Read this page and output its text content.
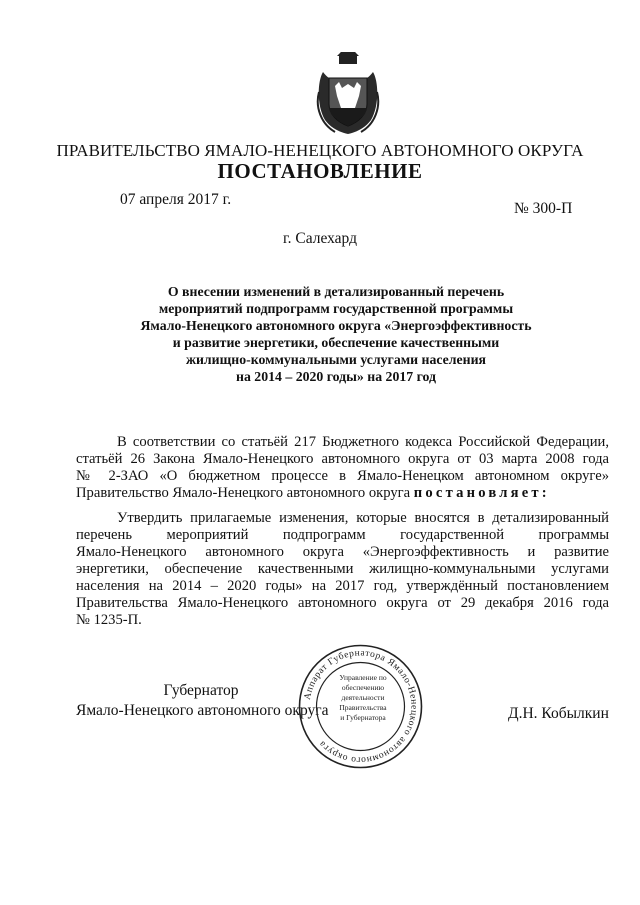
ПРАВИТЕЛЬСТВО ЯМАЛО-НЕНЕЦКОГО АВТОНОМНОГО ОКРУГА
ПОСТАНОВЛЕНИЕ
07 апреля 2017 г.
№ 300-П
г. Салехард
О внесении изменений в детализированный перечень
мероприятий подпрограмм государственной программы
Ямало-Ненецкого автономного округа «Энергоэффективность
и развитие энергетики, обеспечение качественными
жилищно-коммунальными услугами населения
на 2014 – 2020 годы» на 2017 год
В соответствии со статьёй 217 Бюджетного кодекса Российской Федерации,
статьёй 26 Закона Ямало-Ненецкого автономного округа от 03 марта 2008 года
№ 2-ЗАО «О бюджетном процессе в Ямало-Ненецком автономном округе»
Правительство Ямало-Ненецкого автономного округа постановляет:
Утвердить прилагаемые изменения, которые вносятся в детализированный
перечень мероприятий подпрограмм государственной программы
Ямало-Ненецкого автономного округа «Энергоэффективность и развитие
энергетики, обеспечение качественными жилищно-коммунальными услугами
населения на 2014 – 2020 годы» на 2017 год, утверждённый постановлением
Правительства Ямало-Ненецкого автономного округа от 29 декабря 2016 года
№ 1235-П.
Губернатор
Ямало-Ненецкого автономного округа	Д.Н. Кобылкин
Аппарат Губернатора Ямало-Ненецкого автономного округа
Управление по
обеспечению
деятельности
Правительства
и Губернатора
